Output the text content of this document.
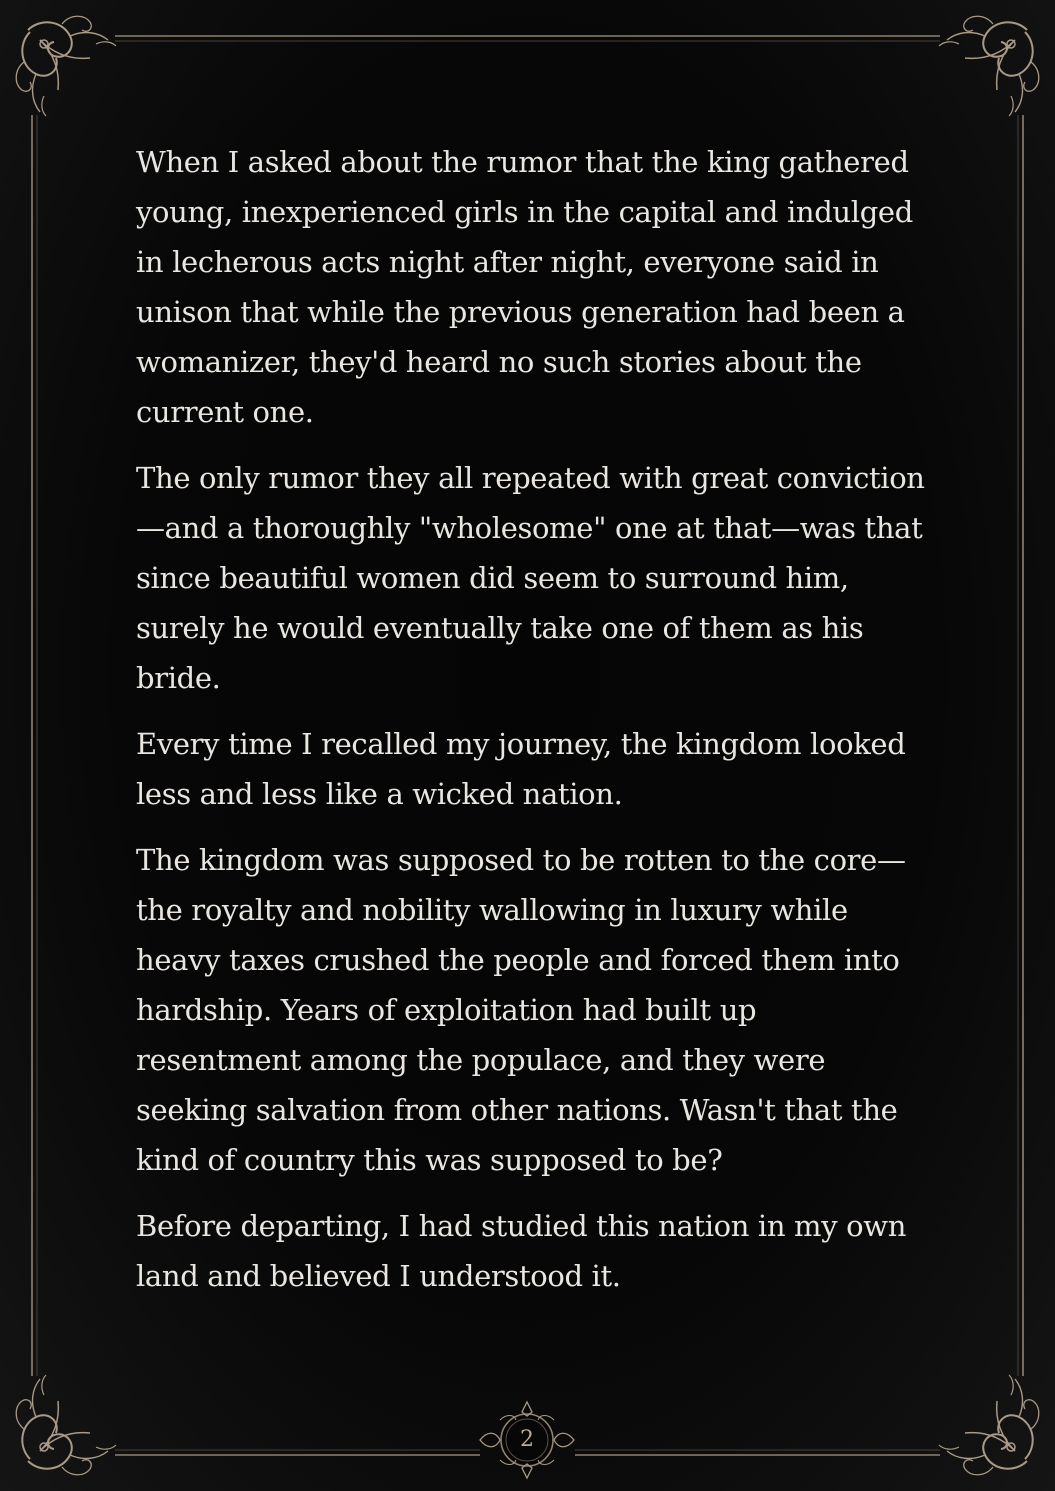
When I asked about the rumor that the king gathered young, inexperienced girls in the capital and indulged in lecherous acts night after night, everyone said in unison that while the previous generation had been a womanizer, they'd heard no such stories about the current one.

The only rumor they all repeated with great conviction—and a thoroughly "wholesome" one at that—was that since beautiful women did seem to surround him, surely he would eventually take one of them as his bride.

Every time I recalled my journey, the kingdom looked less and less like a wicked nation.

The kingdom was supposed to be rotten to the core—the royalty and nobility wallowing in luxury while heavy taxes crushed the people and forced them into hardship. Years of exploitation had built up resentment among the populace, and they were seeking salvation from other nations. Wasn't that the kind of country this was supposed to be?

Before departing, I had studied this nation in my own land and believed I understood it.

2
